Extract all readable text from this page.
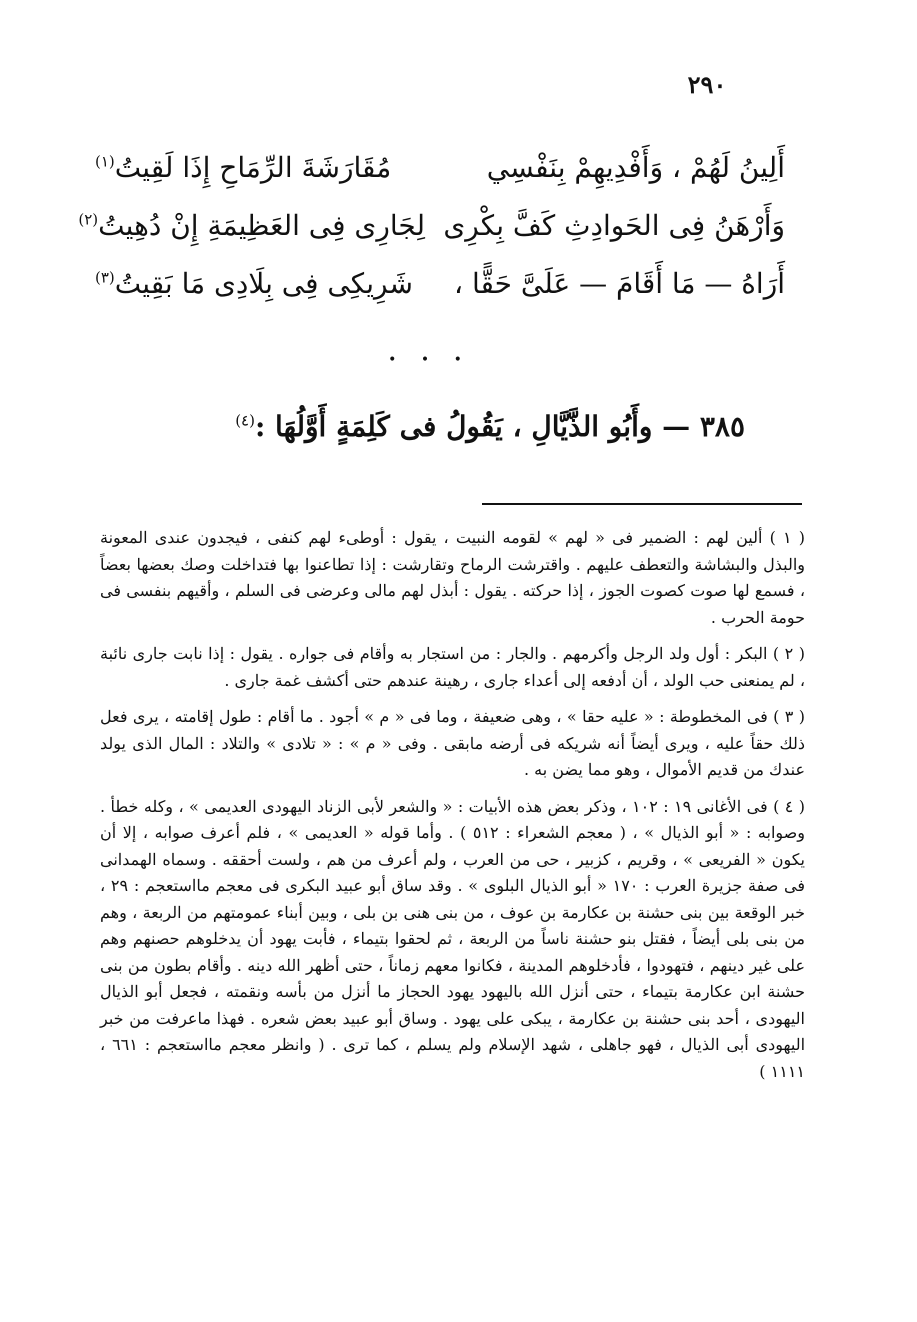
٢٩٠
أَلِينُ لَهُمْ ، وَأَفْدِيهِمْ بِنَفْسِي
مُقَارَشَةَ الرِّمَاحِ إِذَا لَقِيتُ$^{(١)}$
وَأَرْهَنُ فِى الحَوادِثِ كَفَّ بِكْرِى
لِجَارِى فِى العَظِيمَةِ إِنْ دُهِيتُ$^{(٢)}$
أَرَاهُ — مَا أَقَامَ — عَلَىَّ حَقًّا ،
شَرِيكِى فِى بِلَادِى مَا بَقِيتُ$^{(٣)}$
• • •
٣٨٥ — وأَبُو الذَّيَّالِ ، يَقُولُ فى كَلِمَةٍ أَوَّلُهَا :$^{(٤)}$

( ١ ) ألين لهم : الضمير فى « لهم » لقومه النبيت ، يقول : أوطىء لهم كنفى ، فيجدون عندى المعونة والبذل والبشاشة والتعطف عليهم . واقترشت الرماح وتقارشت : إذا تطاعنوا بها فتداخلت وصك بعضها بعضاً ، فسمع لها صوت كصوت الجوز ، إذا حركته . يقول : أبذل لهم مالى وعرضى فى السلم ، وأقيهم بنفسى فى حومة الحرب .

( ٢ ) البكر : أول ولد الرجل وأكرمهم . والجار : من استجار به وأقام فى جواره . يقول : إذا نابت جارى نائبة ، لم يمنعنى حب الولد ، أن أدفعه إلى أعداء جارى ، رهينة عندهم حتى أكشف غمة جارى .

( ٣ ) فى المخطوطة : « عليه حقا » ، وهى ضعيفة ، وما فى « م » أجود . ما أقام : طول إقامته ، يرى فعل ذلك حقاً عليه ، ويرى أيضاً أنه شريكه فى أرضه مابقى . وفى « م » : « تلادى » والتلاد : المال الذى يولد عندك من قديم الأموال ، وهو مما يضن به .

( ٤ ) فى الأغانى ١٩ : ١٠٢ ، وذكر بعض هذه الأبيات : « والشعر لأبى الزناد اليهودى العديمى » ، وكله خطأ . وصوابه : « أبو الذيال » ، ( معجم الشعراء : ٥١٢ ) . وأما قوله « العديمى » ، فلم أعرف صوابه ، إلا أن يكون « الفريعى » ، وقريم ، كزبير ، حى من العرب ، ولم أعرف من هم ، ولست أحققه . وسماه الهمدانى فى صفة جزيرة العرب : ١٧٠ « أبو الذيال البلوى » . وقد ساق أبو عبيد البكرى فى معجم مااستعجم : ٢٩ ، خبر الوقعة بين بنى حشنة بن عكارمة بن عوف ، من بنى هنى بن بلى ، وبين أبناء عمومتهم من الربعة ، وهم من بنى بلى أيضاً ، فقتل بنو حشنة ناساً من الربعة ، ثم لحقوا بتيماء ، فأبت يهود أن يدخلوهم حصنهم وهم على غير دينهم ، فتهودوا ، فأدخلوهم المدينة ، فكانوا معهم زماناً ، حتى أظهر الله دينه . وأقام بطون من بنى حشنة ابن عكارمة بتيماء ، حتى أنزل الله باليهود يهود الحجاز ما أنزل من بأسه ونقمته ، فجعل أبو الذيال اليهودى ، أحد بنى حشنة بن عكارمة ، يبكى على يهود . وساق أبو عبيد بعض شعره . فهذا ماعرفت من خبر اليهودى أبى الذيال ، فهو جاهلى ، شهد الإسلام ولم يسلم ، كما ترى . ( وانظر معجم مااستعجم : ٦٦١ ، ١١١١ )
